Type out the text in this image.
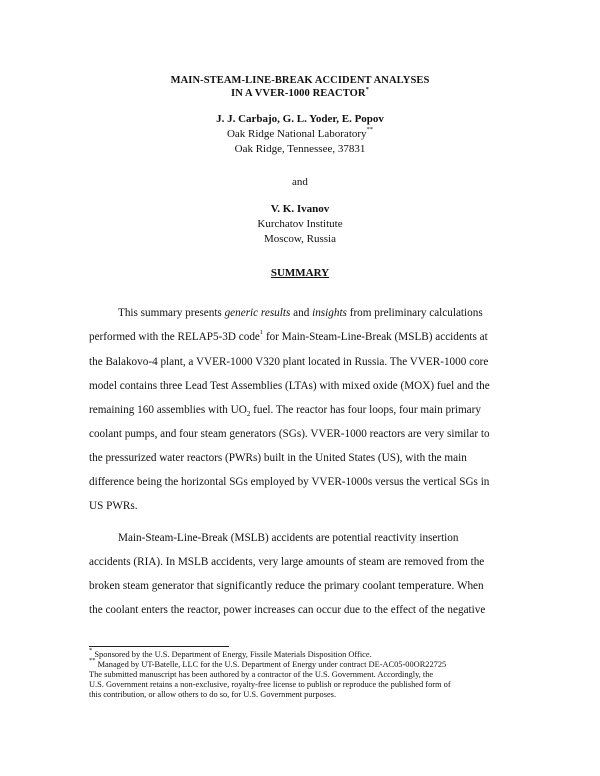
MAIN-STEAM-LINE-BREAK ACCIDENT ANALYSES
IN A VVER-1000 REACTOR*
J. J. Carbajo, G. L. Yoder, E. Popov
Oak Ridge National Laboratory**
Oak Ridge, Tennessee, 37831
and
V. K. Ivanov
Kurchatov Institute
Moscow, Russia
SUMMARY
This summary presents generic results and insights from preliminary calculations
performed with the RELAP5-3D code$^1$ for Main-Steam-Line-Break (MSLB) accidents at
the Balakovo-4 plant, a VVER-1000 V320 plant located in Russia. The VVER-1000 core
model contains three Lead Test Assemblies (LTAs) with mixed oxide (MOX) fuel and the
remaining 160 assemblies with $UO_2$ fuel. The reactor has four loops, four main primary
coolant pumps, and four steam generators (SGs). VVER-1000 reactors are very similar to
the pressurized water reactors (PWRs) built in the United States (US), with the main
difference being the horizontal SGs employed by VVER-1000s versus the vertical SGs in
US PWRs.
Main-Steam-Line-Break (MSLB) accidents are potential reactivity insertion
accidents (RIA). In MSLB accidents, very large amounts of steam are removed from the
broken steam generator that significantly reduce the primary coolant temperature. When
the coolant enters the reactor, power increases can occur due to the effect of the negative
* Sponsored by the U.S. Department of Energy, Fissile Materials Disposition Office.
** Managed by UT-Batelle, LLC for the U.S. Department of Energy under contract DE-AC05-00OR22725
The submitted manuscript has been authored by a contractor of the U.S. Government. Accordingly, the
U.S. Government retains a non-exclusive, royalty-free license to publish or reproduce the published form of
this contribution, or allow others to do so, for U.S. Government purposes.
